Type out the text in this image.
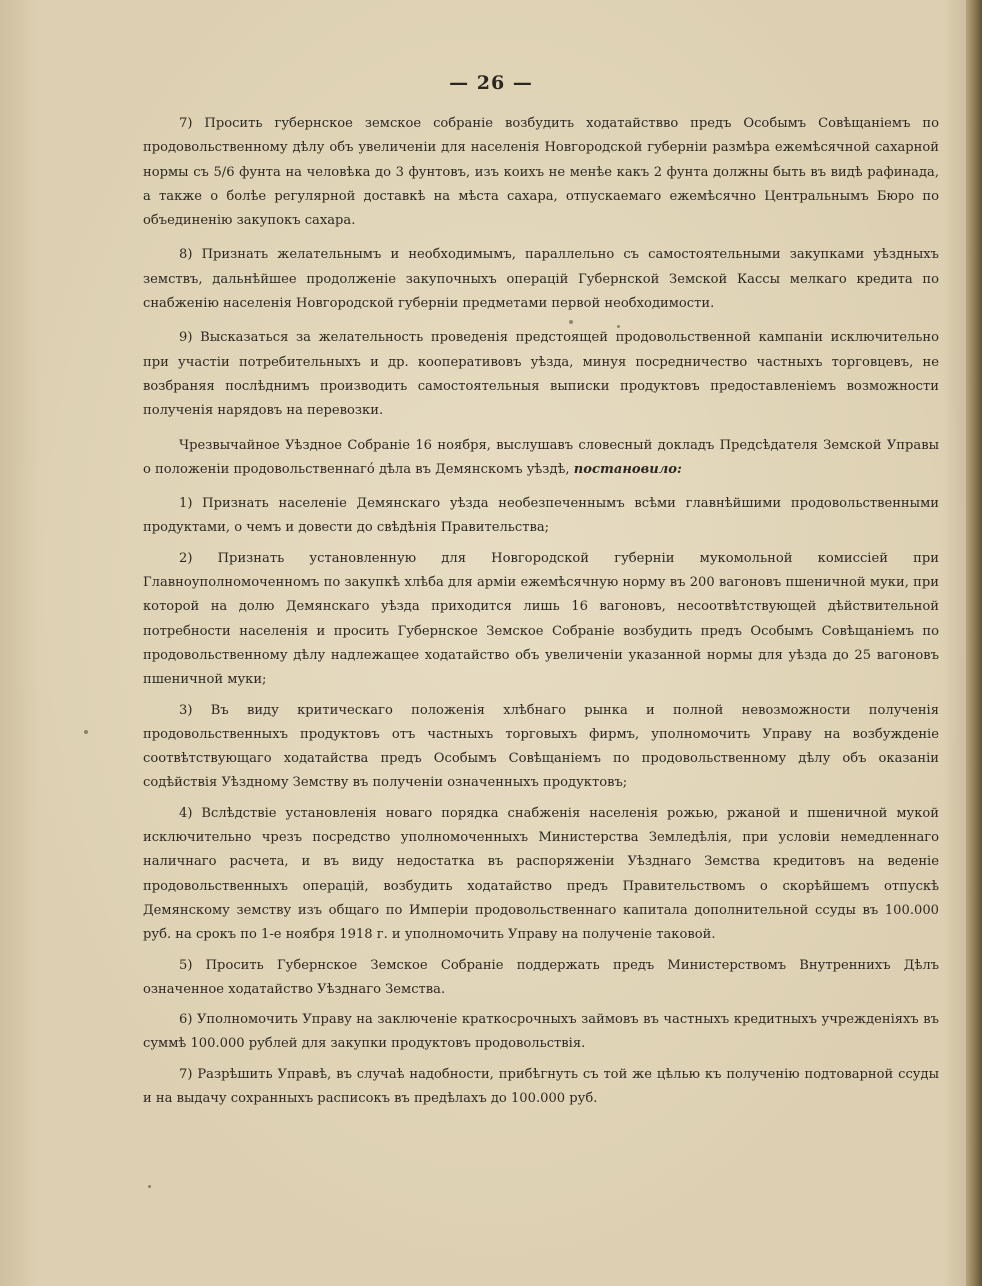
— 26 —

7) Просить губернское земское собраніе возбудить ходатайствво предъ Особымъ Совѣщаніемъ по продовольственному дѣлу объ увеличеніи для населенія Новгородской губерніи размѣра ежемѣсячной сахарной нормы съ 5/6 фунта на человѣка до 3 фунтовъ, изъ коихъ не менѣе какъ 2 фунта должны быть въ видѣ рафинада, а также о болѣе регулярной доставкѣ на мѣста сахара, отпускаемаго ежемѣсячно Центральнымъ Бюро по объединенію закупокъ сахара.

8) Признать желательнымъ и необходимымъ, параллельно съ самостоятельными закупками уѣздныхъ земствъ, дальнѣйшее продолженіе закупочныхъ операцій Губернской Земской Кассы мелкаго кредита по снабженію населенія Новгородской губерніи предметами первой необходимости.

9) Высказаться за желательность проведенія предстоящей продовольственной кампаніи исключительно при участіи потребительныхъ и др. кооперативовъ уѣзда, минуя посредничество частныхъ торговцевъ, не возбраняя послѣднимъ производить самостоятельныя выписки продуктовъ предоставленіемъ возможности полученія нарядовъ на перевозки.

Чрезвычайное Уѣздное Собраніе 16 ноября, выслушавъ словесный докладъ Предсѣдателя Земской Управы о положеніи продовольственнагó дѣла въ Демянскомъ уѣздѣ, постановило:

1) Признать населеніе Демянскаго уѣзда необезпеченнымъ всѣми главнѣйшими продовольственными продуктами, о чемъ и довести до свѣдѣнія Правительства;

2) Признать установленную для Новгородской губерніи мукомольной комиссіей при Главноуполномоченномъ по закупкѣ хлѣба для арміи ежемѣсячную норму въ 200 вагоновъ пшеничной муки, при которой на долю Демянскаго уѣзда приходится лишь 16 вагоновъ, несоотвѣтствующей дѣйствительной потребности населенія и просить Губернское Земское Собраніе возбудить предъ Особымъ Совѣщаніемъ по продовольственному дѣлу надлежащее ходатайство объ увеличеніи указанной нормы для уѣзда до 25 вагоновъ пшеничной муки;

3) Въ виду критическаго положенія хлѣбнаго рынка и полной невозможности полученія продовольственныхъ продуктовъ отъ частныхъ торговыхъ фирмъ, уполномочить Управу на возбужденіе соотвѣтствующаго ходатайства предъ Особымъ Совѣщаніемъ по продовольственному дѣлу объ оказаніи содѣйствія Уѣздному Земству въ полученіи означенныхъ продуктовъ;

4) Вслѣдствіе установленія новаго порядка снабженія населенія рожью, ржаной и пшеничной мукой исключительно чрезъ посредство уполномоченныхъ Министерства Земледѣлія, при условіи немедленнаго наличнаго расчета, и въ виду недостатка въ распоряженіи Уѣзднаго Земства кредитовъ на веденіе продовольственныхъ операцій, возбудить ходатайство предъ Правительствомъ о скорѣйшемъ отпускѣ Демянскому земству изъ общаго по Имперіи продовольственнаго капитала дополнительной ссуды въ 100.000 руб. на срокъ по 1-е ноября 1918 г. и уполномочить Управу на полученіе таковой.

5) Просить Губернское Земское Собраніе поддержать предъ Министерствомъ Внутреннихъ Дѣлъ означенное ходатайство Уѣзднаго Земства.

6) Уполномочить Управу на заключеніе краткосрочныхъ займовъ въ частныхъ кредитныхъ учрежденіяхъ въ суммѣ 100.000 рублей для закупки продуктовъ продовольствія.

7) Разрѣшить Управѣ, въ случаѣ надобности, прибѣгнуть съ той же цѣлью къ полученію подтоварной ссуды и на выдачу сохранныхъ расписокъ въ предѣлахъ до 100.000 руб.
